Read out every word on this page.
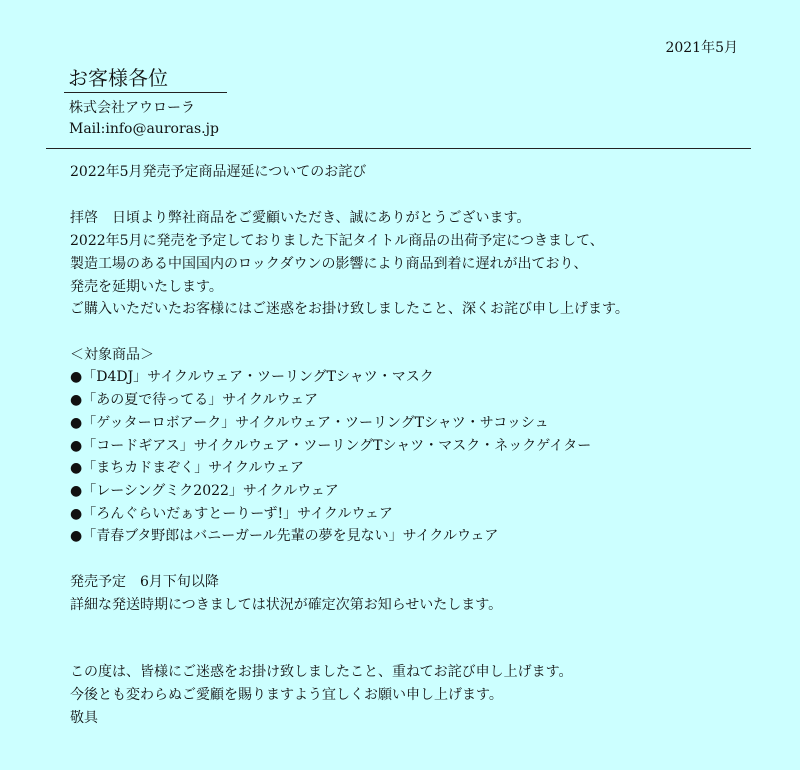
2021年5月
お客様各位
株式会社アウローラ
Mail:info@auroras.jp
2022年5月発売予定商品遅延についてのお詫び
拝啓　日頃より弊社商品をご愛顧いただき、誠にありがとうございます。
2022年5月に発売を予定しておりました下記タイトル商品の出荷予定につきまして、
製造工場のある中国国内のロックダウンの影響により商品到着に遅れが出ており、
発売を延期いたします。
ご購入いただいたお客様にはご迷惑をお掛け致しましたこと、深くお詫び申し上げます。
＜対象商品＞
●「D4DJ」サイクルウェア・ツーリングTシャツ・マスク
●「あの夏で待ってる」サイクルウェア
●「ゲッターロボアーク」サイクルウェア・ツーリングTシャツ・サコッシュ
●「コードギアス」サイクルウェア・ツーリングTシャツ・マスク・ネックゲイター
●「まちカドまぞく」サイクルウェア
●「レーシングミク2022」サイクルウェア
●「ろんぐらいだぁすとーりーず!」サイクルウェア
●「青春ブタ野郎はバニーガール先輩の夢を見ない」サイクルウェア
発売予定　6月下旬以降
詳細な発送時期につきましては状況が確定次第お知らせいたします。
この度は、皆様にご迷惑をお掛け致しましたこと、重ねてお詫び申し上げます。
今後とも変わらぬご愛顧を賜りますよう宜しくお願い申し上げます。
敬具
